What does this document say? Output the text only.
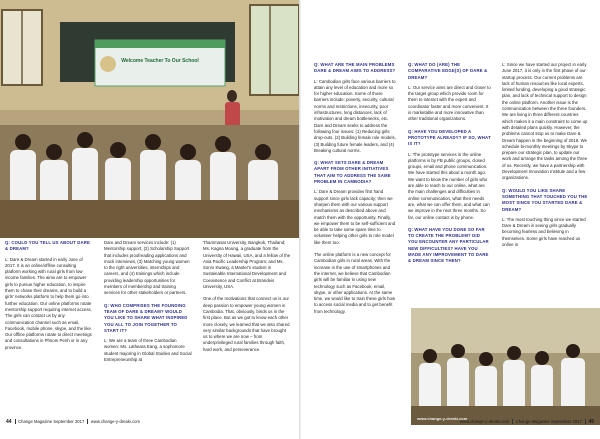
Welcome Teacher To Our School

Q: COULD YOU TELL US ABOUT DARE & DREAM?

L: Dare & Dream started in early June of 2017. It is an online/offline consulting platform working with rural girls from low income families. The aims are to empower girls to pursue higher education, to inspire them to chase their dreams, and to build a girls' networks platform to help them go into further education. Our online platforms rotate mentorship support requiring internet access. The girls can contact us by any communication channel such as email, Facebook, mobile phone, skype, and the like. Our offline platforms rotate to direct meetings and consultations in Phnom Penh or in any province.

Dare and Dream services include: (1) Mentorship support, (2) Scholarship Support that includes proofreading applications and mock interviews, (3) Matching young women to the right universities, internships and careers, and (4) trainings which include providing leadership opportunities for members of membership and training services for other stakeholders or partners.

Q: WHO COMPRISES THE FOUNDING TEAM OF DARE & DREAM? WOULD YOU LIKE TO SHARE WHAT INSPIRED YOU ALL TO JOIN TOGETHER TO START IT?

L: We are a team of three Cambodian women: Ms. Latheara Eang, a sophomore student majoring in Global Studies and Social Entrepreneurship at

Thammasat University, Bangkok, Thailand; Ms. Kagna Moung, a graduate from the University of Hawaii, USA, and a fellow of the Asia Pacific Leadership Program; and Ms. Sorvo Kwang, a Master's student in Sustainable International Development and Coexistence and Conflict at Brandeis University, USA.

One of the motivations that connect us is our deep passion to empower young women in Cambodia. That, obviously, binds us in the first place. But as we got to know each other more closely, we learned that we also shared very similar backgrounds that have brought us to where we are now – from underprivileged rural families through faith, hard work, and perseverance.

44 Change Magazine September 2017 www.change-y-dreaki.com

Q: WHAT ARE THE MAIN PROBLEMS DARE & DREAM AIMS TO ADDRESS?

L: Cambodian girls face various barriers to attain any level of education and more so for higher education. Some of those barriers include: poverty, security, cultural norms and restrictions, insecurity, poor infrastructures, long distances, lack of motivation and dream bottlenecks, etc. Dare and Dream seeks to address the following four issues: (1) Reducing girls drop-outs, (2) Building female role models, (3) Building future female leaders, and (4) Breaking cultural norms.

Q: WHAT SETS DARE & DREAM APART FROM OTHER INITIATIVES THAT AIM TO ADDRESS THE SAME PROBLEM IN CAMBODIA?

L: Dare & Dream provides first hand support since girls lack capacity; then we sharpen them with our various support mechanisms as described above and match them with the opportunity. Finally, we empower them to be self-sufficient and be able to take some spare time to volunteer helping other girls to role model like them too.

The online platform is a new concept for Cambodian girls in rural areas. With the increase in the use of smartphones and the internet, we believe that Cambodian girls will be familiar in using new technology such as Facebook, email, skype, or other applications. At the same time, we would like to train these girls how to access social media and to get benefit from technology.

Q: WHAT DO (ARE) THE COMPARATIVE EDGE(S) OF DARE & DREAM?

L: Our service aims are direct and closer to the target group which provide room for them to interact with the expert and coordinator faster and more convenient. It is marketable and more innovative than other traditional organizations.

Q: HAVE YOU DEVELOPED A PROTOTYPE ALREADY? IF SO, WHAT IS IT?

L: The prototype services in the online platforms is by FB public groups, closed groups, email and phone communication. We have started this about a month ago. We want to know the number of girls who are able to reach to our online, what are the main challenges and difficulties in online communication, what their needs are, what we can offer them, and what can we improve in the next three months. So far, our online contact is by phone.

Q: WHAT HAVE YOU DONE SO FAR TO CREATE THE PROBLEM? DID YOU ENCOUNTER ANY PARTICULAR NEW DIFFICULTIES? HAVE YOU MADE ANY IMPROVEMENT TO DARE & DREAM SINCE THEN?

L: Since we have started our project in early June 2017, it is only in the first phase of our startup process. Our current problems are lack of human resources like local experts, limited funding, developing a good strategic plan, and lack of technical support to design the online platform. Another issue is the communication between the three founders. We are living in three different countries which makes it a main constraint to come up with detailed plans quickly. However, the problems cannot stop us to make Dare & Dream happen in the beginning of 2018. We schedule bi-monthly meetings by Skype to prepare our strategic plan, to update our work and arrange the tasks among the three of us. Recently, we have a partnership with Development Innovation Institute and a few organizations.

Q: WOULD YOU LIKE SHARE SOMETHING THAT TOUCHED YOU THE MOST SINCE YOU STARTED DARE & DREAM?

L: The most touching thing since we started Dare & Dream is seeing girls gradually becoming fearless and believing in themselves. Some girls have reached us online in

www.change-y-dreaki.com
www.change-y-dreaki.com Change Magazine September 2017 45
